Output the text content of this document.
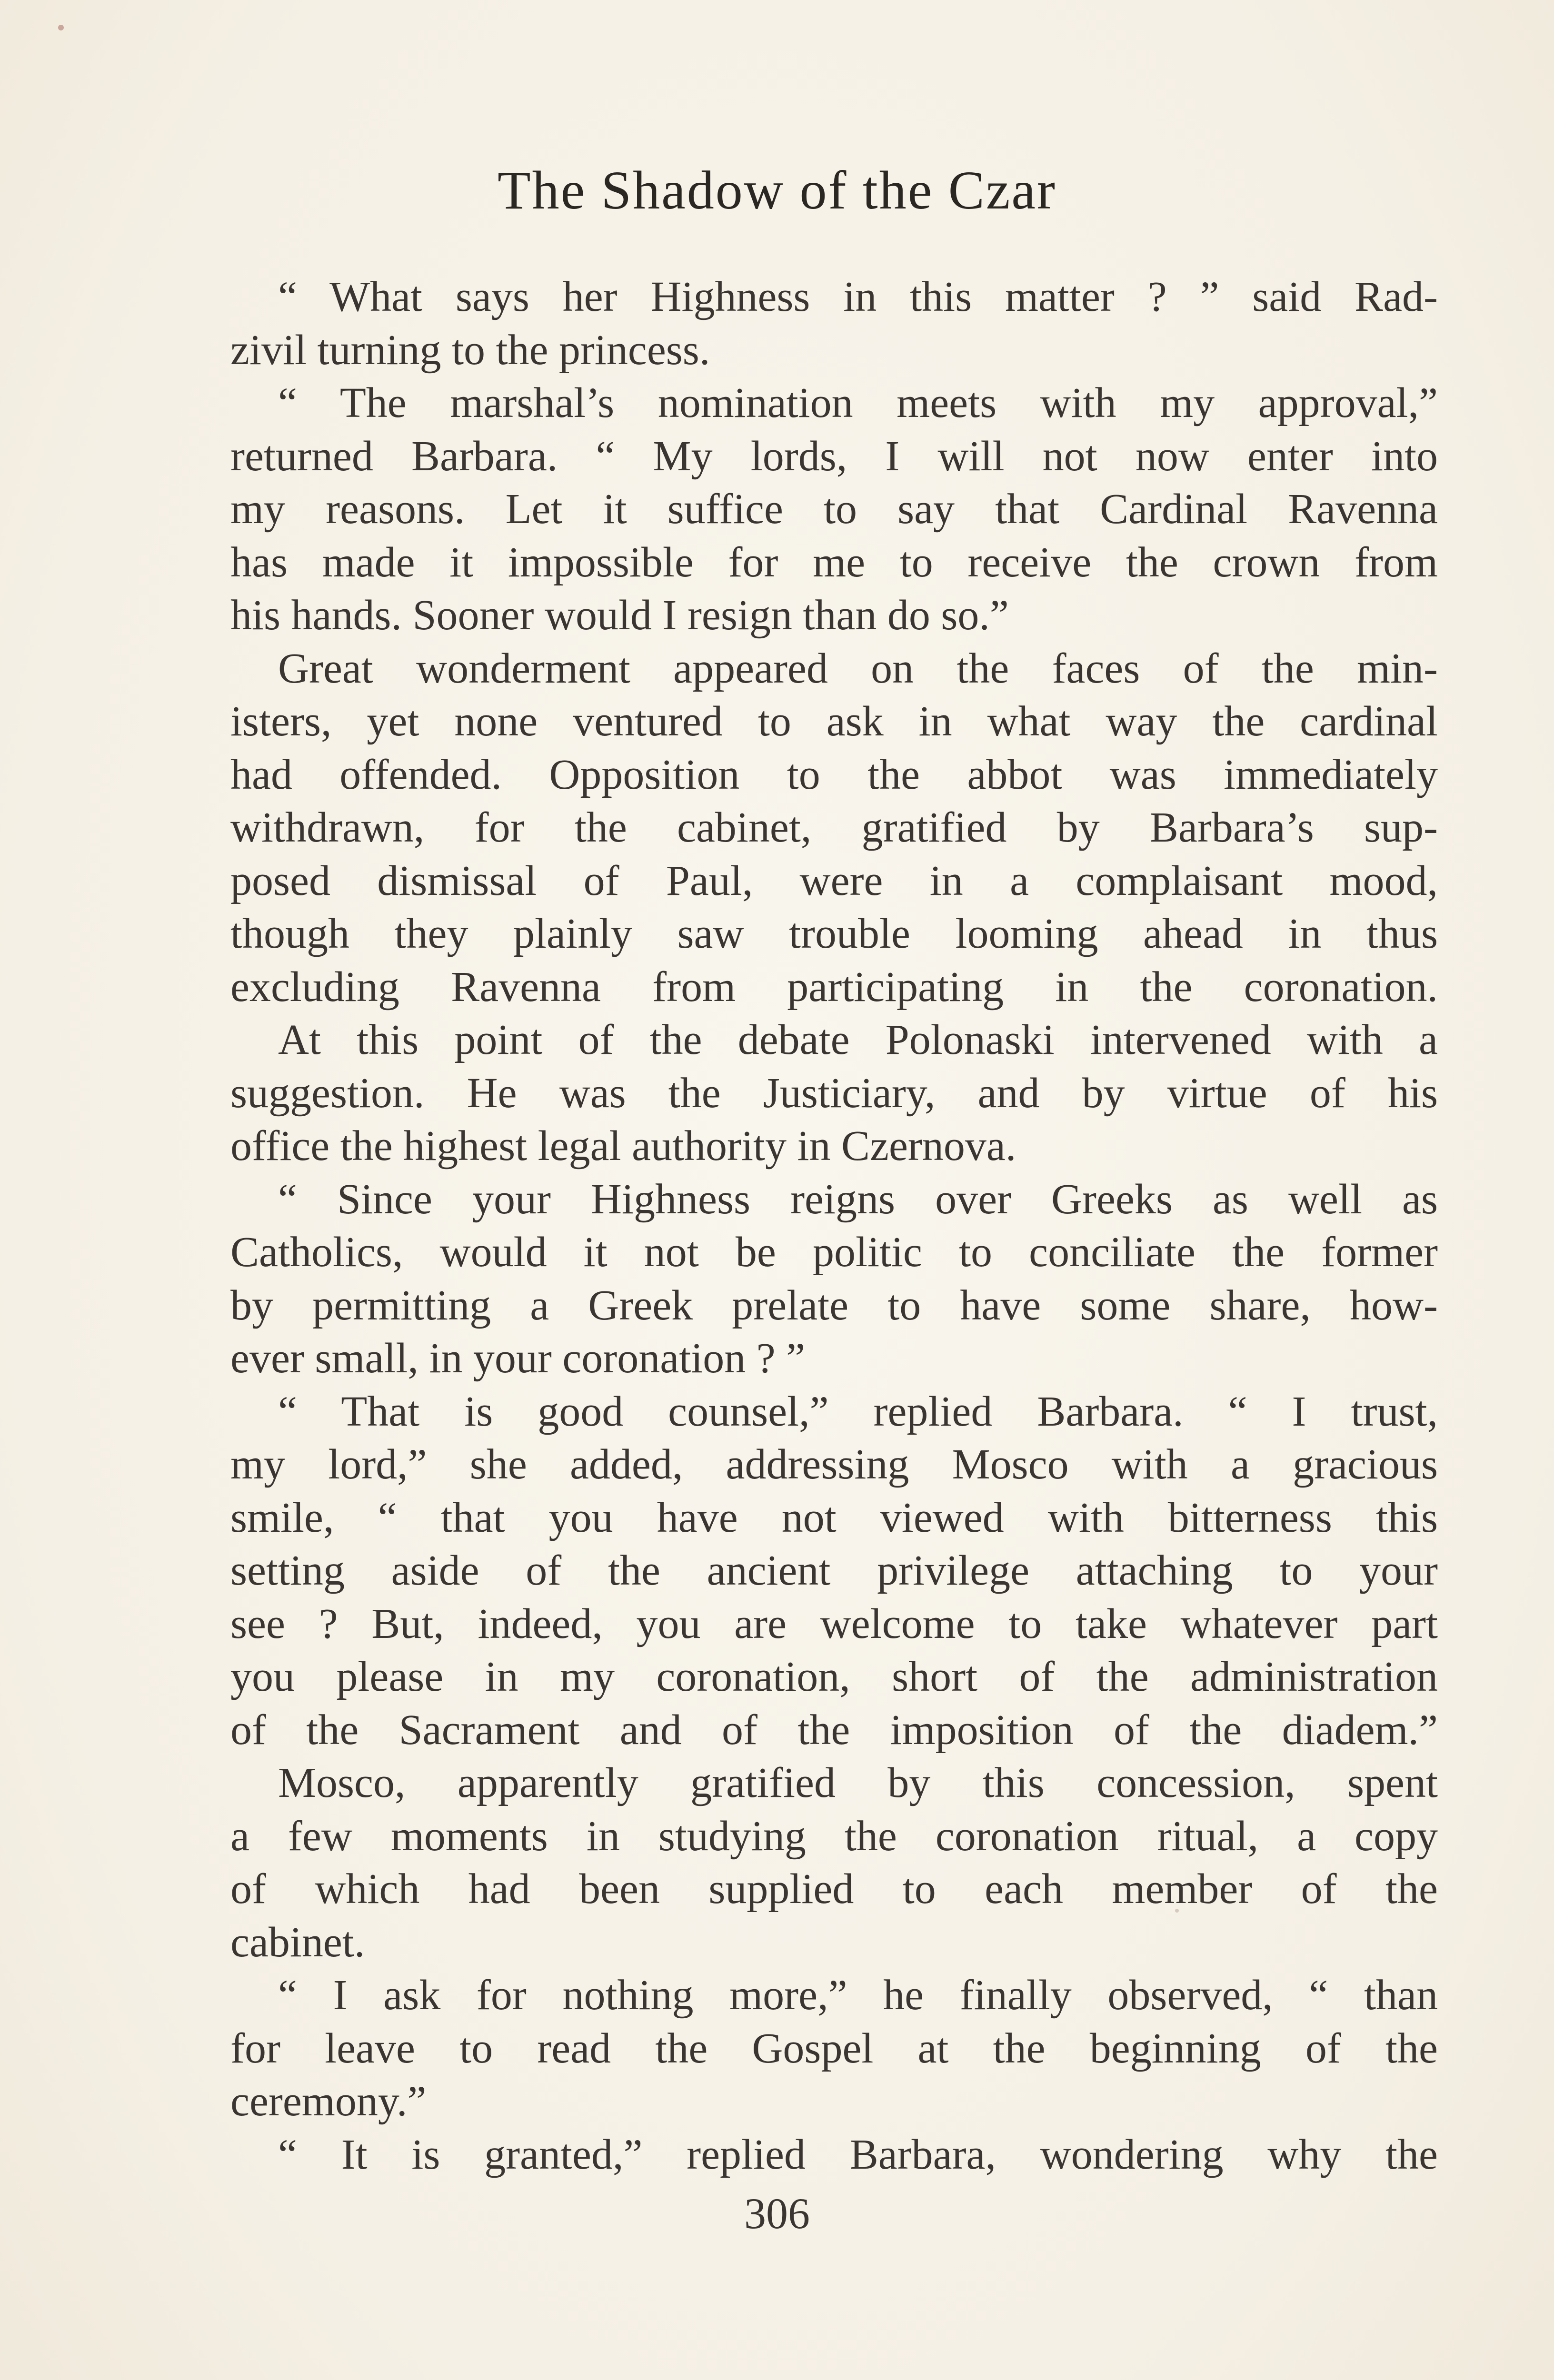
The Shadow of the Czar
“ What says her Highness in this matter ? ” said Rad-
zivil turning to the princess.
“ The marshal’s nomination meets with my approval,”
returned Barbara. “ My lords, I will not now enter into
my reasons. Let it suffice to say that Cardinal Ravenna
has made it impossible for me to receive the crown from
his hands. Sooner would I resign than do so.”
Great wonderment appeared on the faces of the min-
isters, yet none ventured to ask in what way the cardinal
had offended. Opposition to the abbot was immediately
withdrawn, for the cabinet, gratified by Barbara’s sup-
posed dismissal of Paul, were in a complaisant mood,
though they plainly saw trouble looming ahead in thus
excluding Ravenna from participating in the coronation.
At this point of the debate Polonaski intervened with a
suggestion. He was the Justiciary, and by virtue of his
office the highest legal authority in Czernova.
“ Since your Highness reigns over Greeks as well as
Catholics, would it not be politic to conciliate the former
by permitting a Greek prelate to have some share, how-
ever small, in your coronation ? ”
“ That is good counsel,” replied Barbara. “ I trust,
my lord,” she added, addressing Mosco with a gracious
smile, “ that you have not viewed with bitterness this
setting aside of the ancient privilege attaching to your
see ? But, indeed, you are welcome to take whatever part
you please in my coronation, short of the administration
of the Sacrament and of the imposition of the diadem.”
Mosco, apparently gratified by this concession, spent
a few moments in studying the coronation ritual, a copy
of which had been supplied to each member of the
cabinet.
“ I ask for nothing more,” he finally observed, “ than
for leave to read the Gospel at the beginning of the
ceremony.”
“ It is granted,” replied Barbara, wondering why the
306
